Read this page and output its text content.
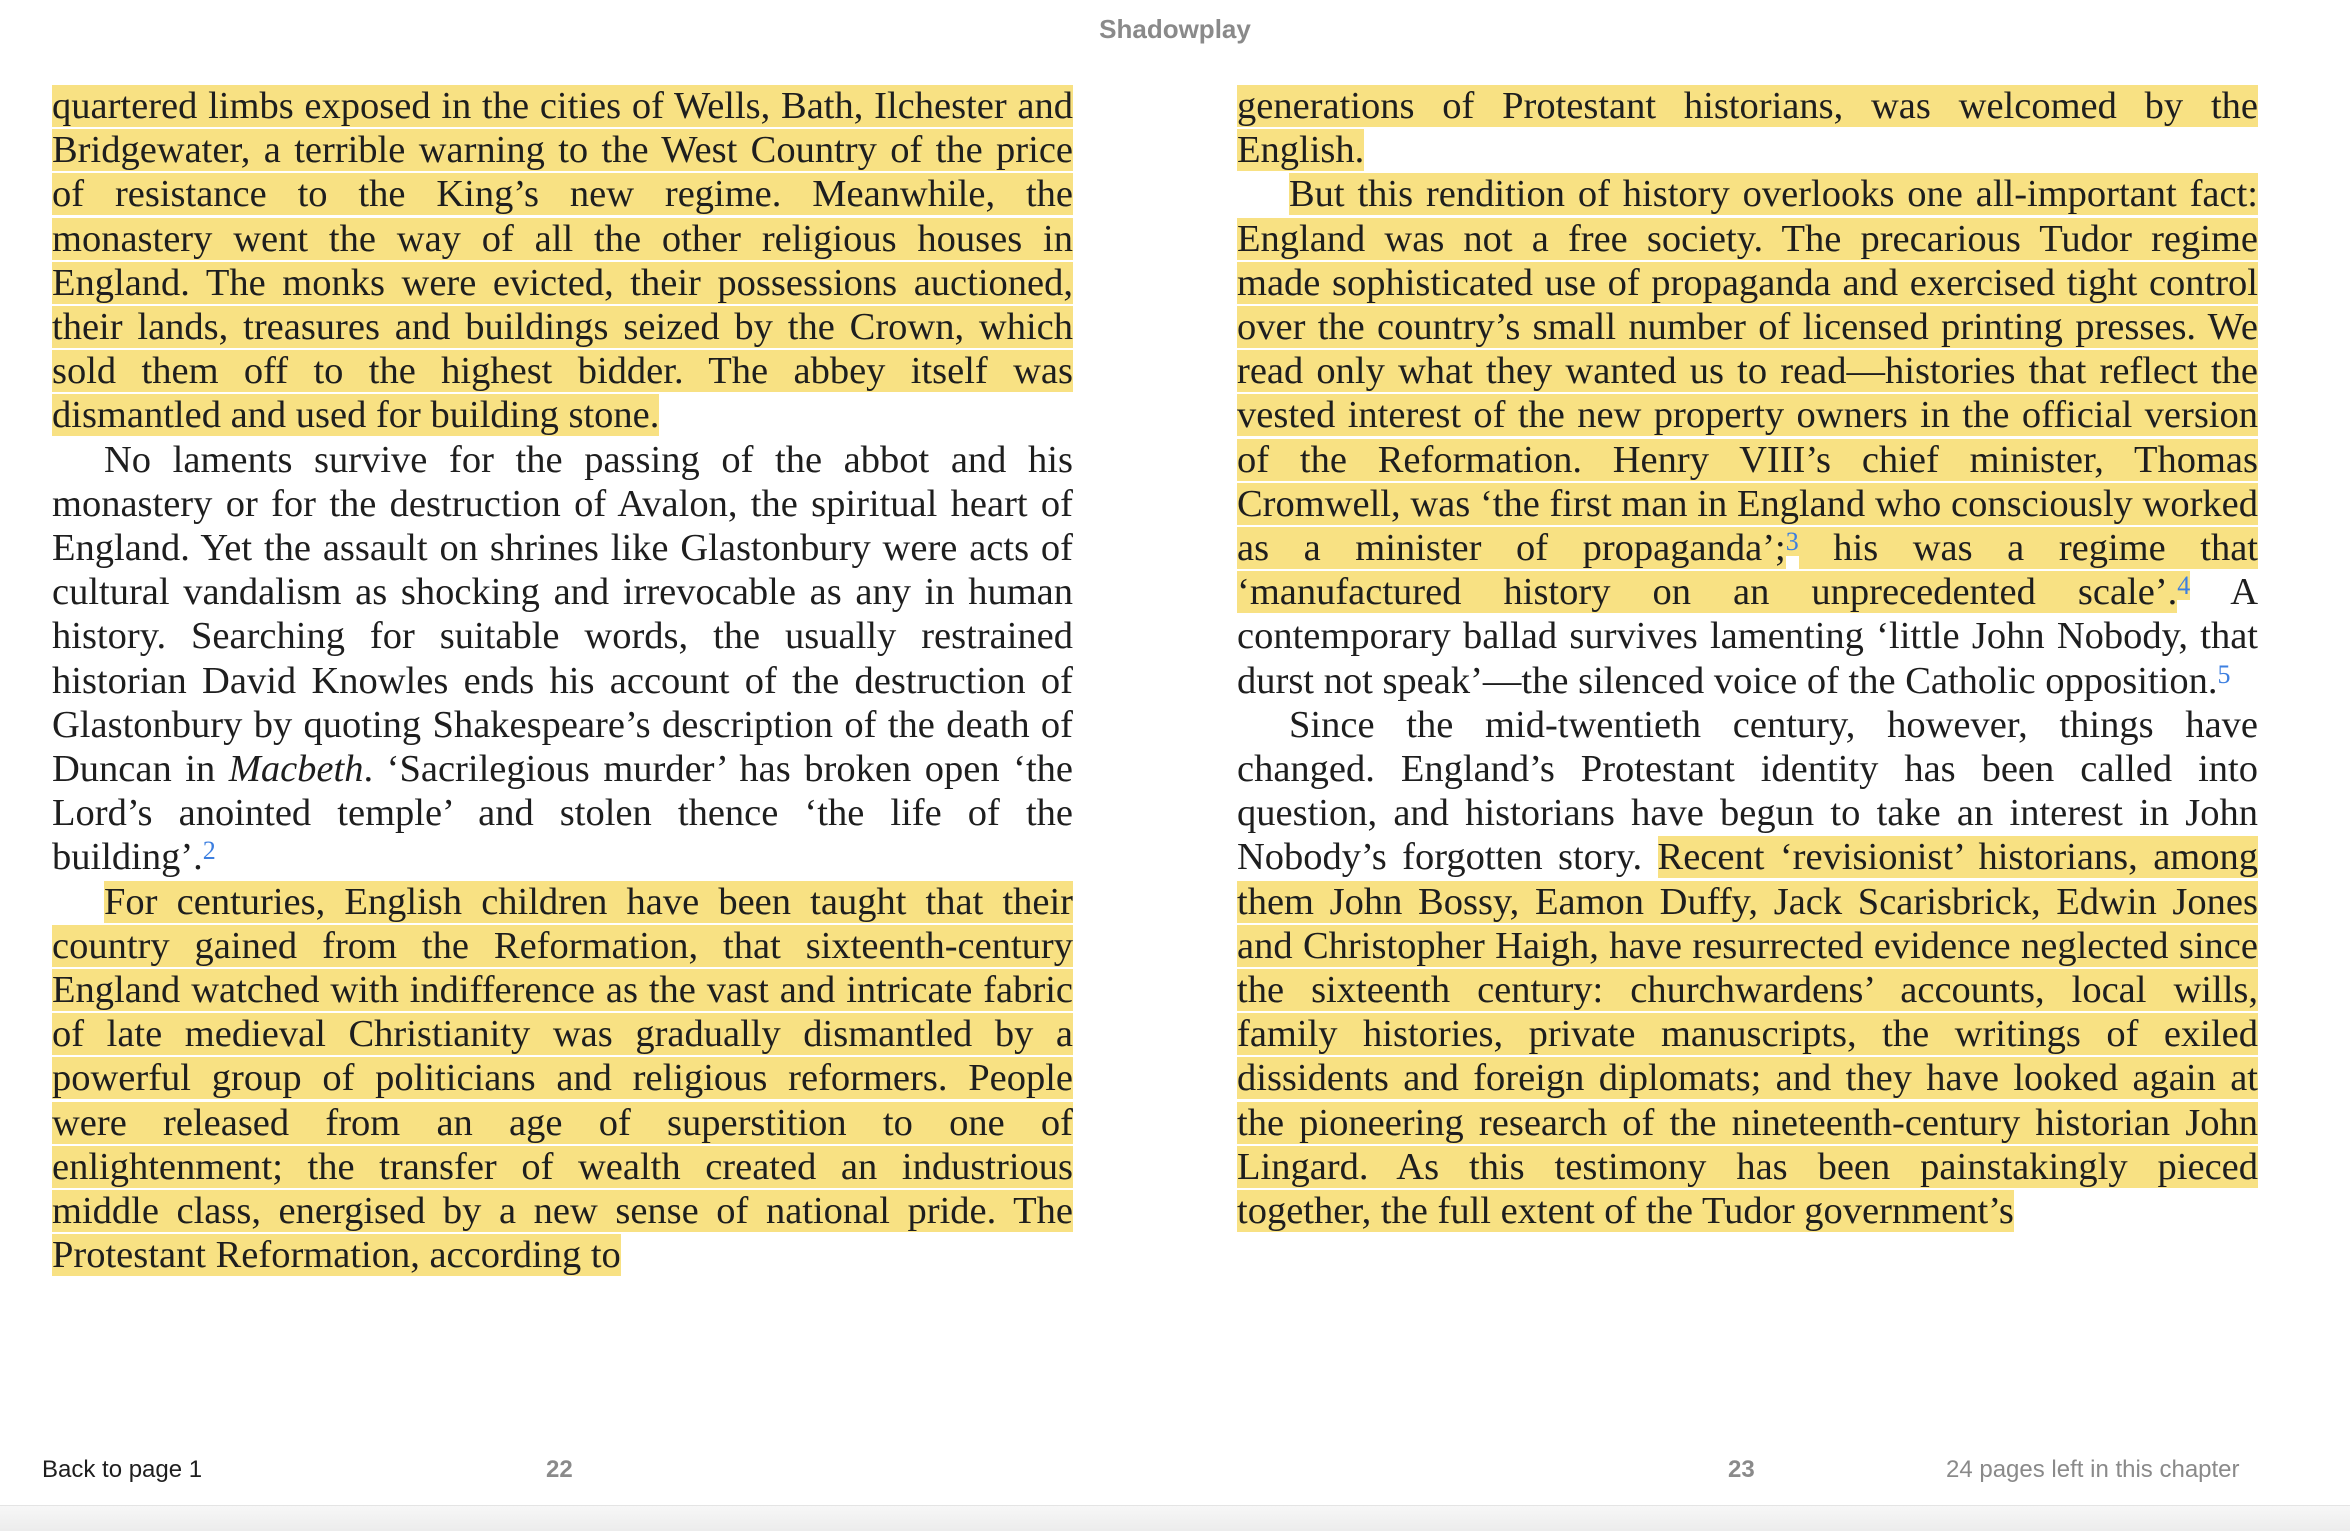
Shadowplay

quartered limbs exposed in the cities of Wells, Bath, Ilchester and Bridgewater, a terrible warning to the West Country of the price of resistance to the King’s new regime. Meanwhile, the monastery went the way of all the other religious houses in England. The monks were evicted, their possessions auctioned, their lands, treasures and buildings seized by the Crown, which sold them off to the highest bidder. The abbey itself was dismantled and used for building stone.

No laments survive for the passing of the abbot and his monastery or for the destruction of Avalon, the spiritual heart of England. Yet the assault on shrines like Glastonbury were acts of cultural vandalism as shocking and irrevocable as any in human history. Searching for suitable words, the usually restrained historian David Knowles ends his account of the destruction of Glastonbury by quoting Shakespeare’s description of the death of Duncan in Macbeth. ‘Sacrilegious murder’ has broken open ‘the Lord’s anointed temple’ and stolen thence ‘the life of the building’.$^2$

For centuries, English children have been taught that their country gained from the Reformation, that sixteenth-century England watched with indifference as the vast and intricate fabric of late medieval Christianity was gradually dismantled by a powerful group of politicians and religious reformers. People were released from an age of superstition to one of enlightenment; the transfer of wealth created an industrious middle class, energised by a new sense of national pride. The Protestant Reformation, according to

generations of Protestant historians, was welcomed by the English.

But this rendition of history overlooks one all-important fact: England was not a free society. The precarious Tudor regime made sophisticated use of propaganda and exercised tight control over the country’s small number of licensed printing presses. We read only what they wanted us to read—histories that reflect the vested interest of the new property owners in the official version of the Reformation. Henry VIII’s chief minister, Thomas Cromwell, was ‘the first man in England who consciously worked as a minister of propaganda’;$^3$ his was a regime that ‘manufactured history on an unprecedented scale’.$^4$ A contemporary ballad survives lamenting ‘little John Nobody, that durst not speak’—the silenced voice of the Catholic opposition.$^5$

Since the mid-twentieth century, however, things have changed. England’s Protestant identity has been called into question, and historians have begun to take an interest in John Nobody’s forgotten story. Recent ‘revisionist’ historians, among them John Bossy, Eamon Duffy, Jack Scarisbrick, Edwin Jones and Christopher Haigh, have resurrected evidence neglected since the sixteenth century: churchwardens’ accounts, local wills, family histories, private manuscripts, the writings of exiled dissidents and foreign diplomats; and they have looked again at the pioneering research of the nineteenth-century historian John Lingard. As this testimony has been painstakingly pieced together, the full extent of the Tudor government’s

Back to page 1	22	23	24 pages left in this chapter
